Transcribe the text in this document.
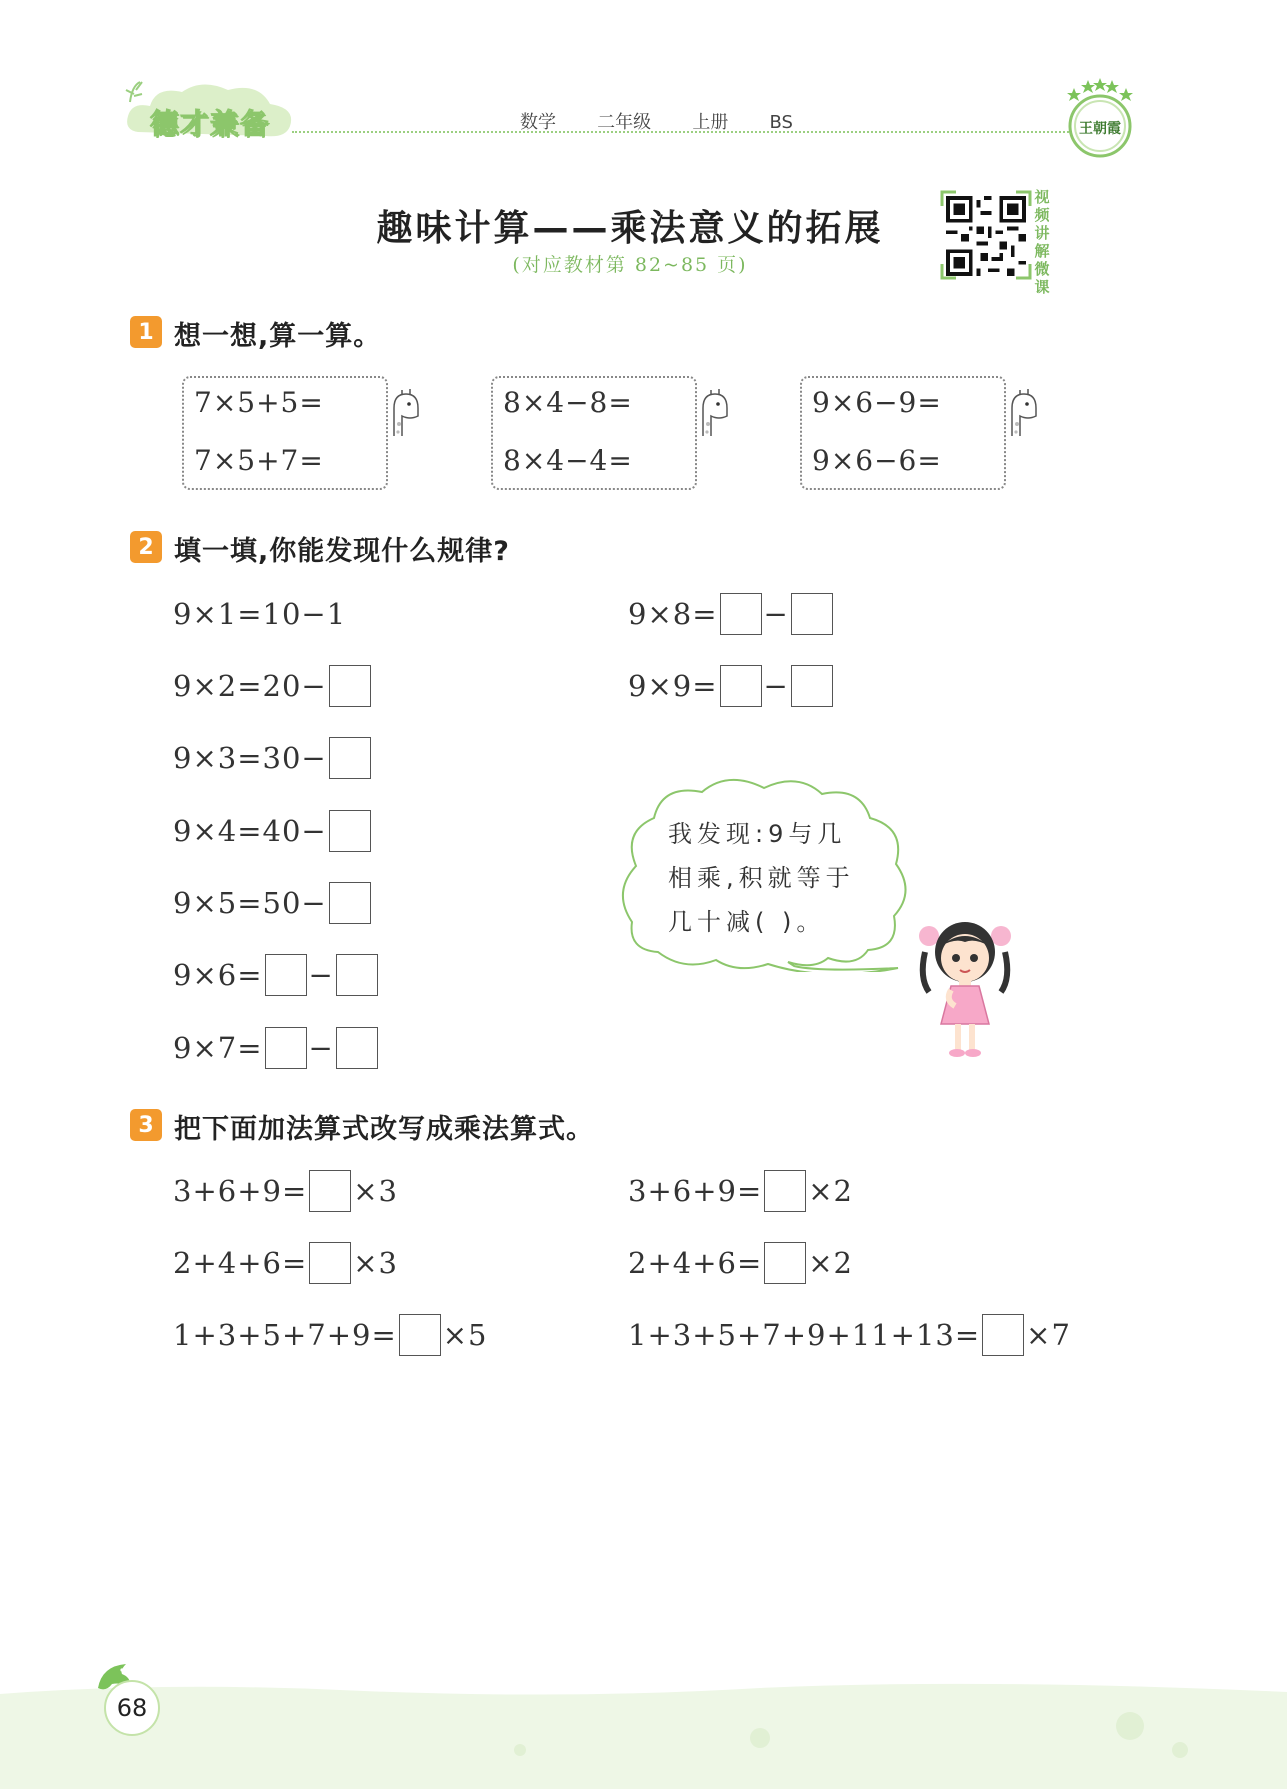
德才兼备	数学   二年级   上册   BS	王朝霞
趣味计算——乘法意义的拓展
(对应教材第 82~85 页)
视频讲解微课
1 想一想,算一算。
7×5+5=
7×5+7=
8×4−8=
8×4−4=
9×6−9=
9×6−6=
2 填一填,你能发现什么规律?
9×1=10−1
9×2=20−
9×3=30−
9×4=40−
9×5=50−
9×6= −
9×7= −
9×8= −
9×9= −
我发现:9与几
相乘,积就等于
几十减( )。
3 把下面加法算式改写成乘法算式。
3+6+9= ×3
2+4+6= ×3
1+3+5+7+9= ×5
3+6+9= ×2
2+4+6= ×2
1+3+5+7+9+11+13= ×7
68
